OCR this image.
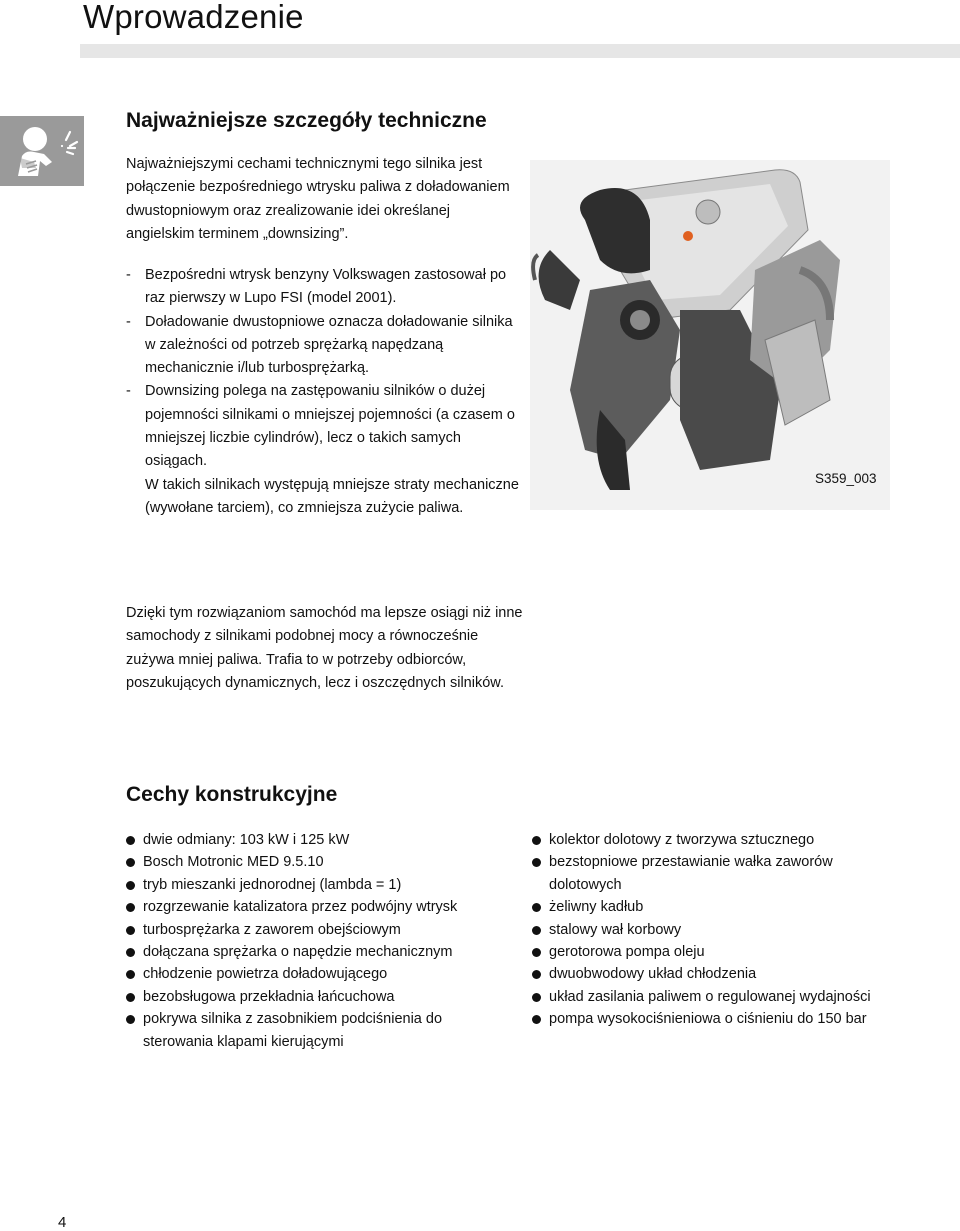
Wprowadzenie
Najważniejsze szczegóły techniczne

Najważniejszymi cechami technicznymi tego silnika jest połączenie bezpośredniego wtrysku paliwa z doładowaniem dwustopniowym oraz zrealizowanie idei określanej angielskim terminem „downsizing”.

- Bezpośredni wtrysk benzyny Volkswagen zastosował po raz pierwszy w Lupo FSI (model 2001).

- Doładowanie dwustopniowe oznacza doładowanie silnika w zależności od potrzeb sprężarką napędzaną mechanicznie i/lub turbosprężarką.

- Downsizing polega na zastępowaniu silników o dużej pojemności silnikami o mniejszej pojemności (a czasem o mniejszej liczbie cylindrów), lecz o takich samych osiągach.

W takich silnikach występują mniejsze straty mechaniczne (wywołane tarciem), co zmniejsza zużycie paliwa.

Dzięki tym rozwiązaniom samochód ma lepsze osiągi niż inne samochody z silnikami podobnej mocy a równocześnie zużywa mniej paliwa. Trafia to w potrzeby odbiorców, poszukujących dynamicznych, lecz i oszczędnych silników.

S359_003
Cechy konstrukcyjne
dwie odmiany: 103 kW i 125 kW
Bosch Motronic MED 9.5.10
tryb mieszanki jednorodnej (lambda = 1)
rozgrzewanie katalizatora przez podwójny wtrysk
turbosprężarka z zaworem obejściowym
dołączana sprężarka o napędzie mechanicznym
chłodzenie powietrza doładowującego
bezobsługowa przekładnia łańcuchowa
pokrywa silnika z zasobnikiem podciśnienia do sterowania klapami kierującymi
kolektor dolotowy z tworzywa sztucznego
bezstopniowe przestawianie wałka zaworów dolotowych
żeliwny kadłub
stalowy wał korbowy
gerotorowa pompa oleju
dwuobwodowy układ chłodzenia
układ zasilania paliwem o regulowanej wydajności
pompa wysokociśnieniowa o ciśnieniu do 150 bar
4
